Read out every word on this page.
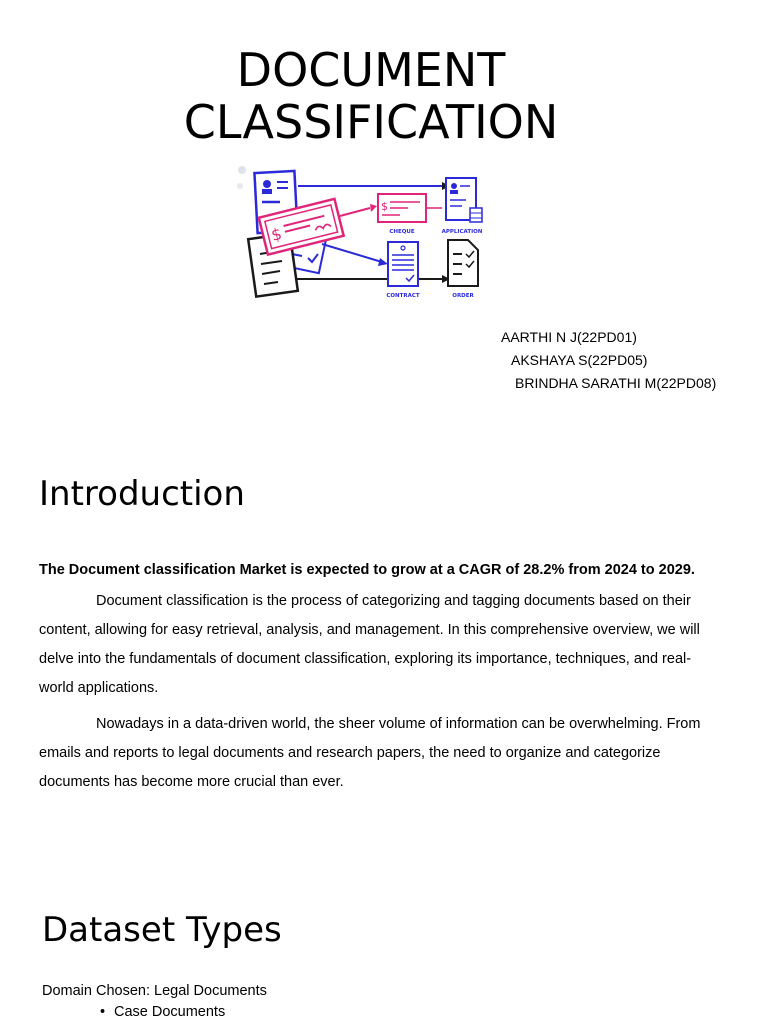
DOCUMENT
CLASSIFICATION
$
$
CHEQUE	APPLICATION
CONTRACT	ORDER
AARTHI N J(22PD01)
AKSHAYA S(22PD05)
BRINDHA SARATHI M(22PD08)
Introduction

The Document classification Market is expected to grow at a CAGR of 28.2% from 2024 to 2029.

Document classification is the process of categorizing and tagging documents based on their content, allowing for easy retrieval, analysis, and management. In this comprehensive overview, we will delve into the fundamentals of document classification, exploring its importance, techniques, and real-world applications.

Nowadays in a data-driven world, the sheer volume of information can be overwhelming. From emails and reports to legal documents and research papers, the need to organize and categorize documents has become more crucial than ever.

Dataset Types
Domain Chosen: Legal Documents
• Case Documents
